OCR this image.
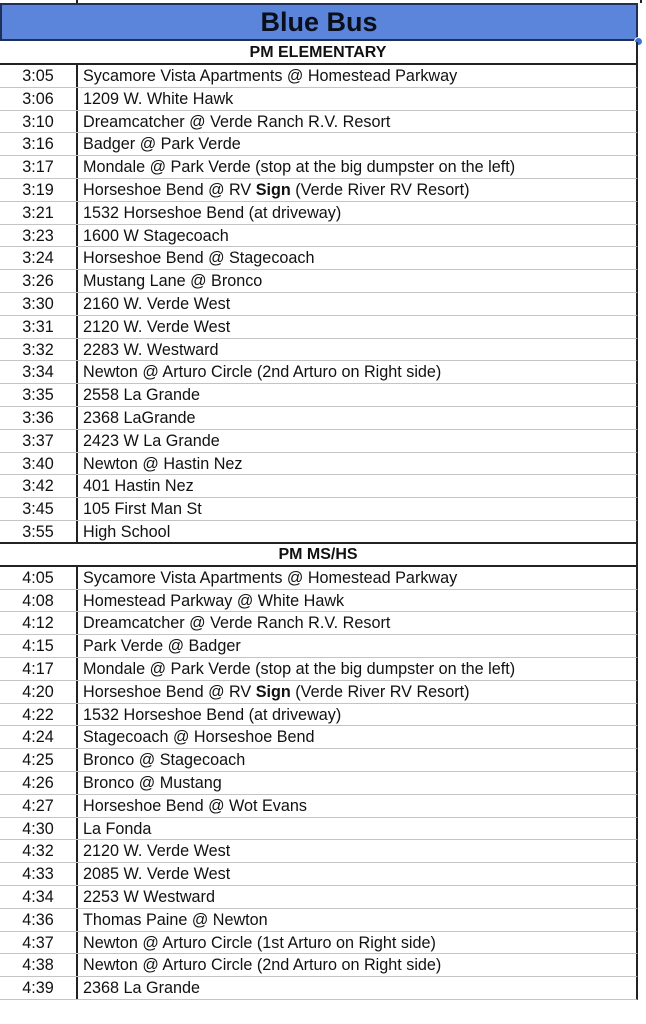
Blue Bus
PM ELEMENTARY
3:05	Sycamore Vista Apartments @ Homestead Parkway
3:06	1209 W. White Hawk
3:10	Dreamcatcher @ Verde Ranch R.V. Resort
3:16	Badger @ Park Verde
3:17	Mondale @ Park Verde (stop at the big dumpster on the left)
3:19	Horseshoe Bend @ RV Sign (Verde River RV Resort)
3:21	1532 Horseshoe Bend (at driveway)
3:23	1600 W Stagecoach
3:24	Horseshoe Bend @ Stagecoach
3:26	Mustang Lane @ Bronco
3:30	2160 W. Verde West
3:31	2120 W. Verde West
3:32	2283 W. Westward
3:34	Newton @ Arturo Circle (2nd Arturo on Right side)
3:35	2558 La Grande
3:36	2368 LaGrande
3:37	2423 W La Grande
3:40	Newton @ Hastin Nez
3:42	401 Hastin Nez
3:45	105 First Man St
3:55	High School
PM MS/HS
4:05	Sycamore Vista Apartments @ Homestead Parkway
4:08	Homestead Parkway @ White Hawk
4:12	Dreamcatcher @ Verde Ranch R.V. Resort
4:15	Park Verde @ Badger
4:17	Mondale @ Park Verde (stop at the big dumpster on the left)
4:20	Horseshoe Bend @ RV Sign (Verde River RV Resort)
4:22	1532 Horseshoe Bend (at driveway)
4:24	Stagecoach @ Horseshoe Bend
4:25	Bronco @ Stagecoach
4:26	Bronco @ Mustang
4:27	Horseshoe Bend @ Wot Evans
4:30	La Fonda
4:32	2120 W. Verde West
4:33	2085 W. Verde West
4:34	2253 W Westward
4:36	Thomas Paine @ Newton
4:37	Newton @ Arturo Circle (1st Arturo on Right side)
4:38	Newton @ Arturo Circle (2nd Arturo on Right side)
4:39	2368 La Grande
